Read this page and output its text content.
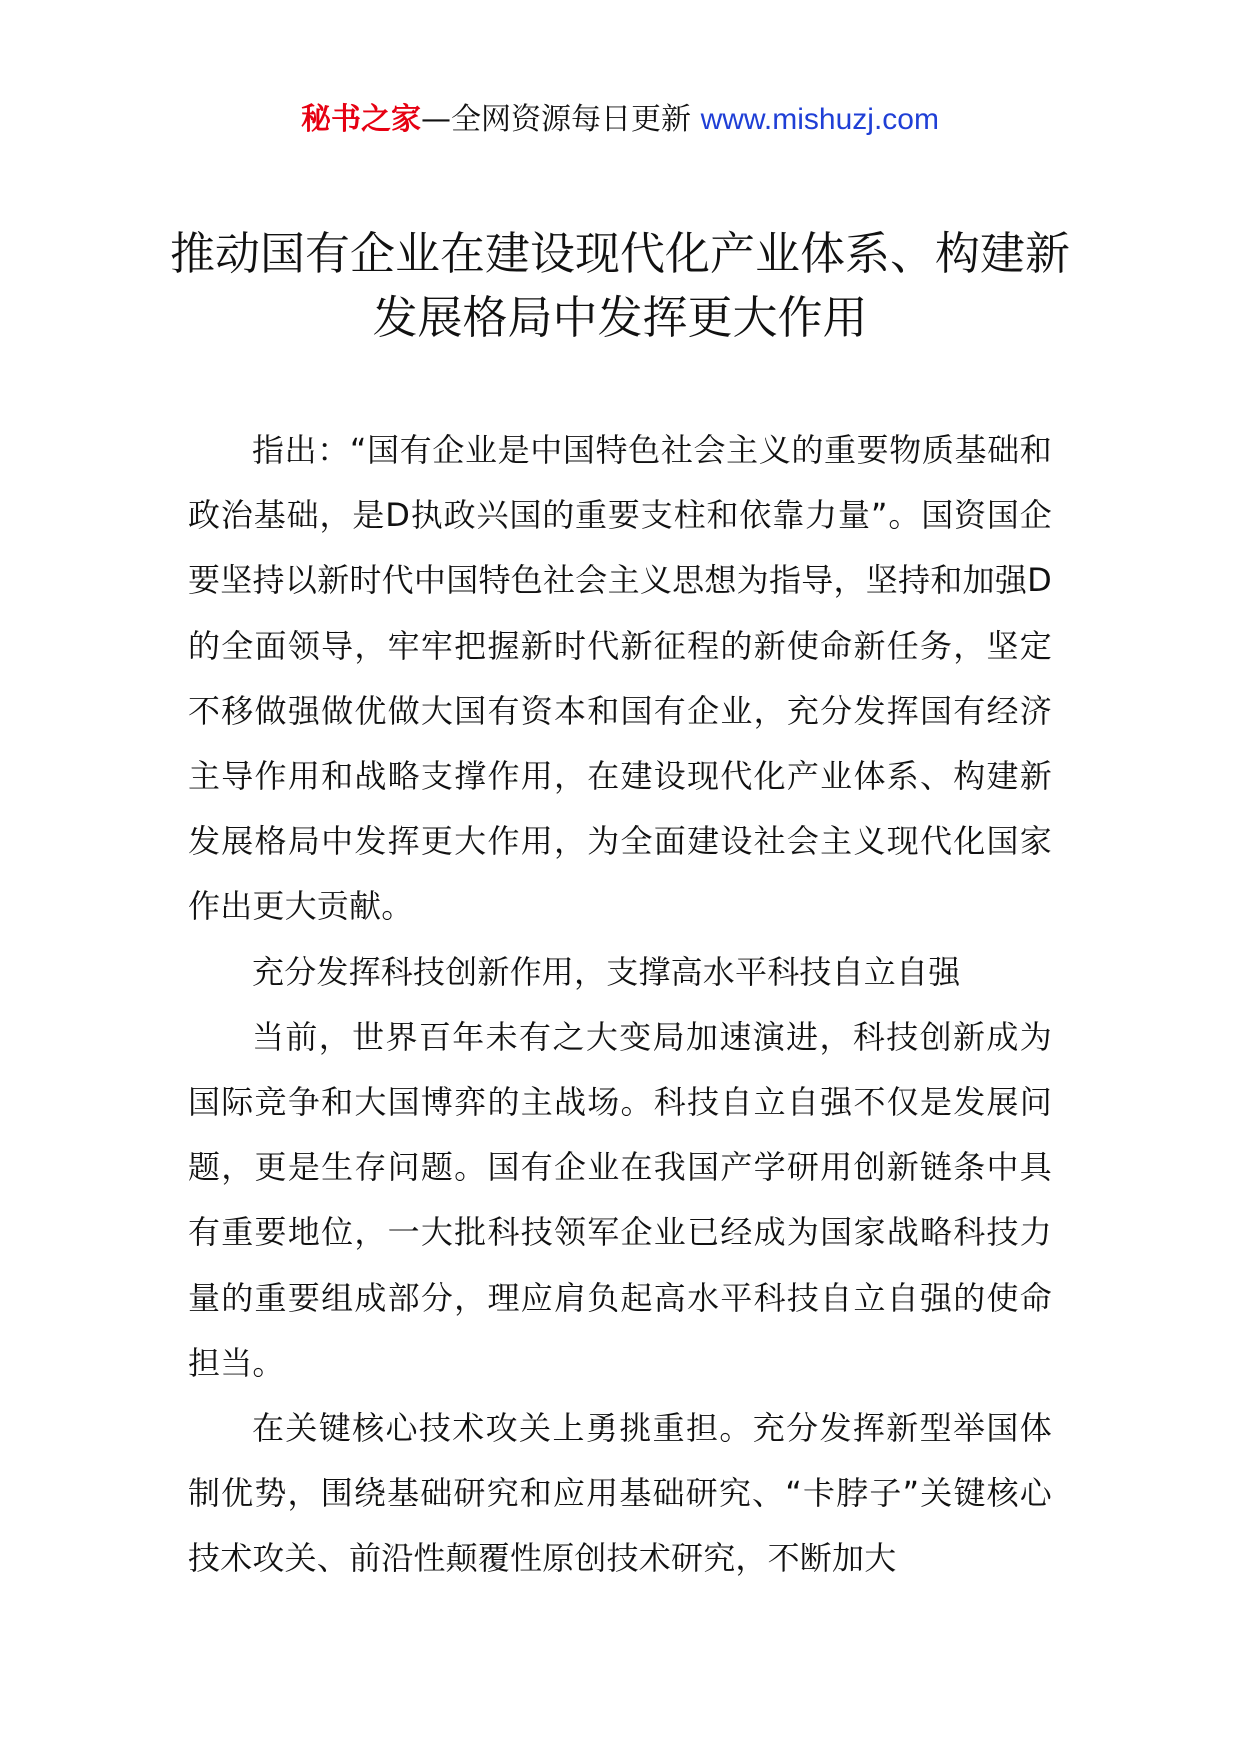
秘书之家—全网资源每日更新 www.mishuzj.com
推动国有企业在建设现代化产业体系、构建新发展格局中发挥更大作用

指出：“国有企业是中国特色社会主义的重要物质基础和政治基础，是D执政兴国的重要支柱和依靠力量”。国资国企要坚持以新时代中国特色社会主义思想为指导，坚持和加强D的全面领导，牢牢把握新时代新征程的新使命新任务，坚定不移做强做优做大国有资本和国有企业，充分发挥国有经济主导作用和战略支撑作用，在建设现代化产业体系、构建新发展格局中发挥更大作用，为全面建设社会主义现代化国家作出更大贡献。

充分发挥科技创新作用，支撑高水平科技自立自强

当前，世界百年未有之大变局加速演进，科技创新成为国际竞争和大国博弈的主战场。科技自立自强不仅是发展问题，更是生存问题。国有企业在我国产学研用创新链条中具有重要地位，一大批科技领军企业已经成为国家战略科技力量的重要组成部分，理应肩负起高水平科技自立自强的使命担当。

在关键核心技术攻关上勇挑重担。充分发挥新型举国体制优势，围绕基础研究和应用基础研究、“卡脖子”关键核心技术攻关、前沿性颠覆性原创技术研究，不断加大
